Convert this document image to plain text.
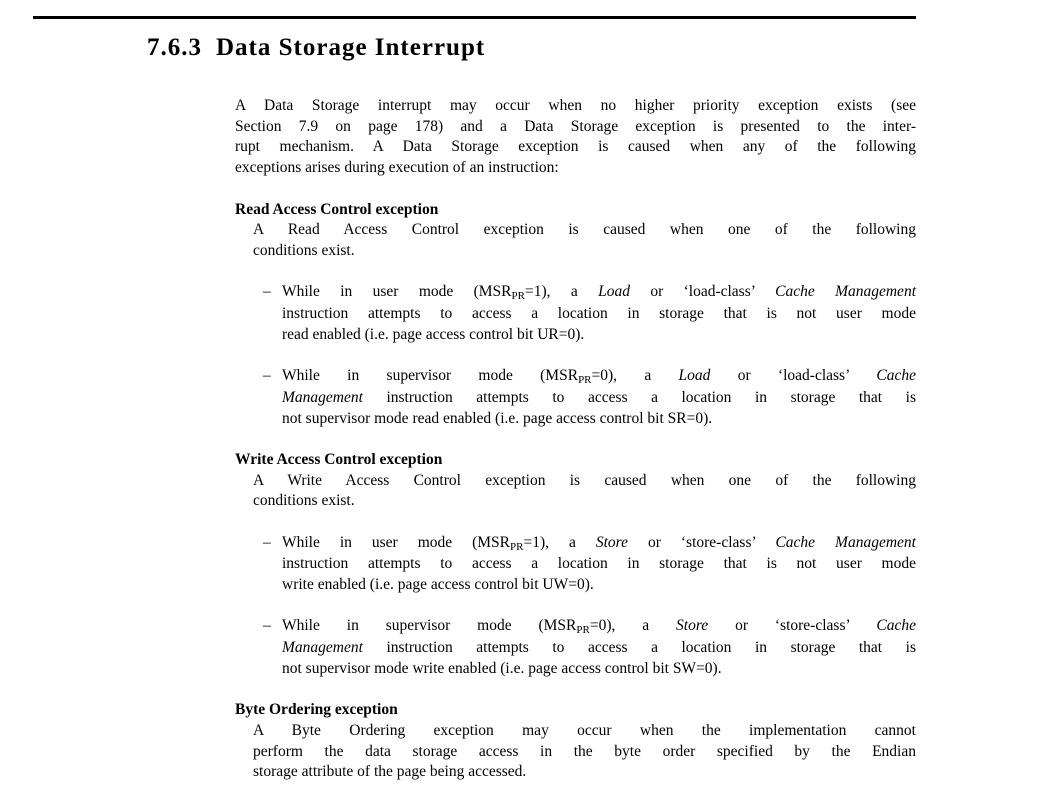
7.6.3 Data Storage Interrupt
A Data Storage interrupt may occur when no higher priority exception exists (see
Section 7.9 on page 178) and a Data Storage exception is presented to the inter-
rupt mechanism. A Data Storage exception is caused when any of the following
exceptions arises during execution of an instruction:
Read Access Control exception
A Read Access Control exception is caused when one of the following
conditions exist.
– While in user mode (MSRPR=1), a Load or ‘load-class’ Cache Management
instruction attempts to access a location in storage that is not user mode
read enabled (i.e. page access control bit UR=0).
– While in supervisor mode (MSRPR=0), a Load or ‘load-class’ Cache
Management instruction attempts to access a location in storage that is
not supervisor mode read enabled (i.e. page access control bit SR=0).
Write Access Control exception
A Write Access Control exception is caused when one of the following
conditions exist.
– While in user mode (MSRPR=1), a Store or ‘store-class’ Cache Management
instruction attempts to access a location in storage that is not user mode
write enabled (i.e. page access control bit UW=0).
– While in supervisor mode (MSRPR=0), a Store or ‘store-class’ Cache
Management instruction attempts to access a location in storage that is
not supervisor mode write enabled (i.e. page access control bit SW=0).
Byte Ordering exception
A Byte Ordering exception may occur when the implementation cannot
perform the data storage access in the byte order specified by the Endian
storage attribute of the page being accessed.
